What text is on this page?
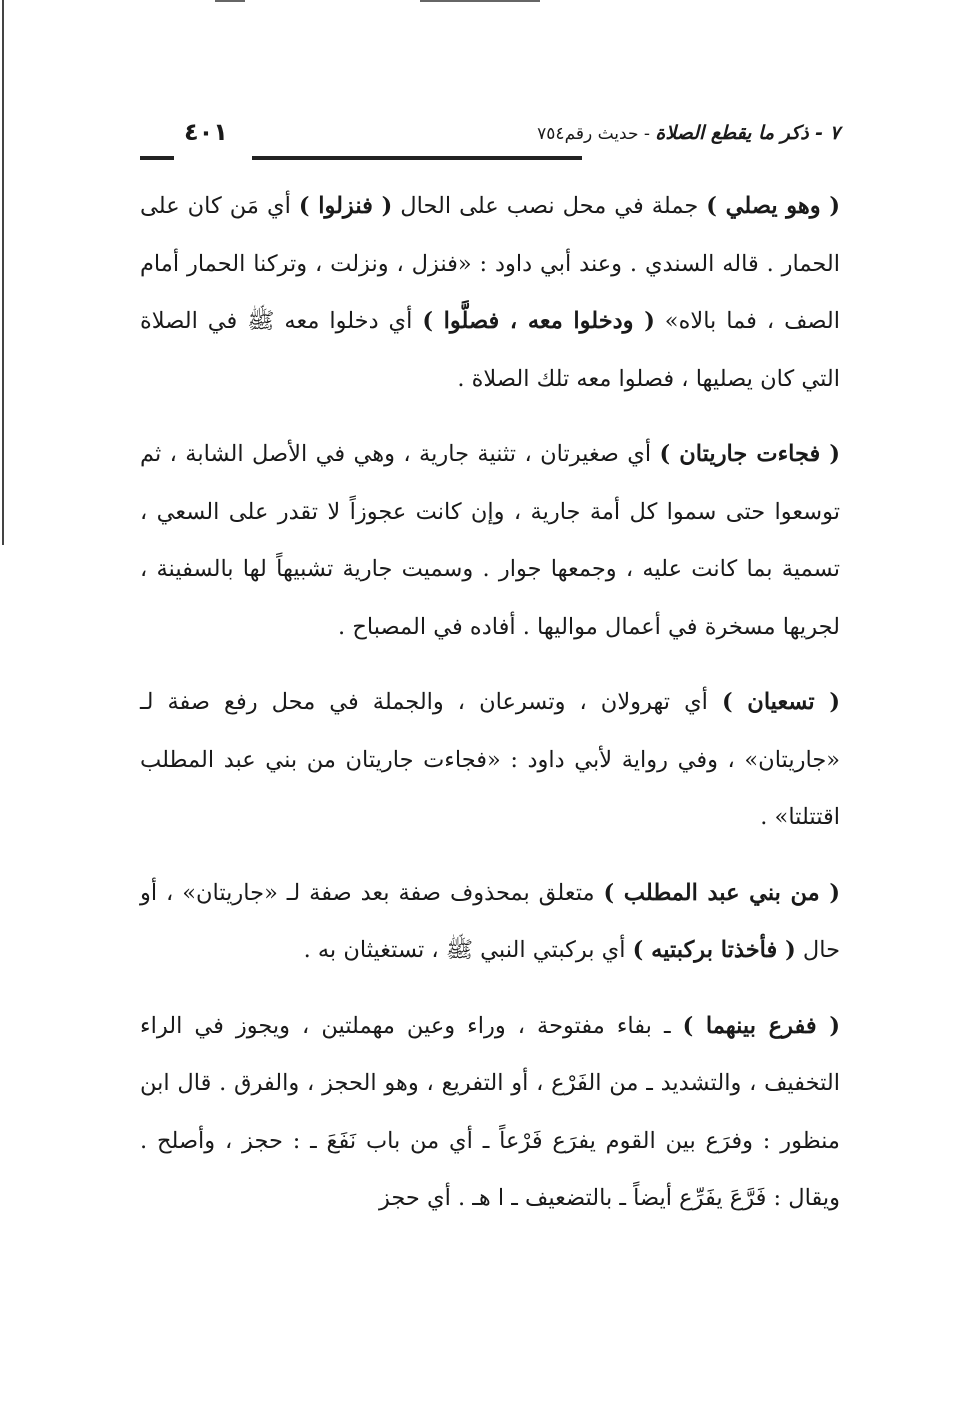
٧ - ذكر ما يقطع الصلاة - حديث رقم٧٥٤
٤٠١

( وهو يصلي ) جملة في محل نصب على الحال ( فنزلوا ) أي مَن كان على الحمار . قاله السندي . وعند أبي داود : «فنزل ، ونزلت ، وتركنا الحمار أمام الصف ، فما بالاه» ( ودخلوا معه ، فصلَّوا ) أي دخلوا معه ﷺ في الصلاة التي كان يصليها ، فصلوا معه تلك الصلاة .

( فجاءت جاريتان ) أي صغيرتان ، تثنية جارية ، وهي في الأصل الشابة ، ثم توسعوا حتى سموا كل أمة جارية ، وإن كانت عجوزاً لا تقدر على السعي ، تسمية بما كانت عليه ، وجمعها جوار . وسميت جارية تشبيهاً لها بالسفينة ، لجريها مسخرة في أعمال مواليها . أفاده في المصباح .

( تسعيان ) أي تهرولان ، وتسرعان ، والجملة في محل رفع صفة لـ «جاريتان» ، وفي رواية لأبي داود : «فجاءت جاريتان من بني عبد المطلب اقتتلتا» .

( من بني عبد المطلب ) متعلق بمحذوف صفة بعد صفة لـ «جاريتان» ، أو حال ( فأخذتا بركبتيه ) أي بركبتي النبي ﷺ ، تستغيثان به .

( ففرع بينهما ) ـ بفاء مفتوحة ، وراء وعين مهملتين ، ويجوز في الراء التخفيف ، والتشديد ـ من الفَرْع ، أو التفريع ، وهو الحجز ، والفرق . قال ابن منظور : وفرَع بين القوم يفرَع فَرْعاً ـ أي من باب نَفَعَ ـ : حجز ، وأصلح . ويقال : فَرَّعَ يفَرِّع أيضاً ـ بالتضعيف ـ ا هـ . أي حجز
